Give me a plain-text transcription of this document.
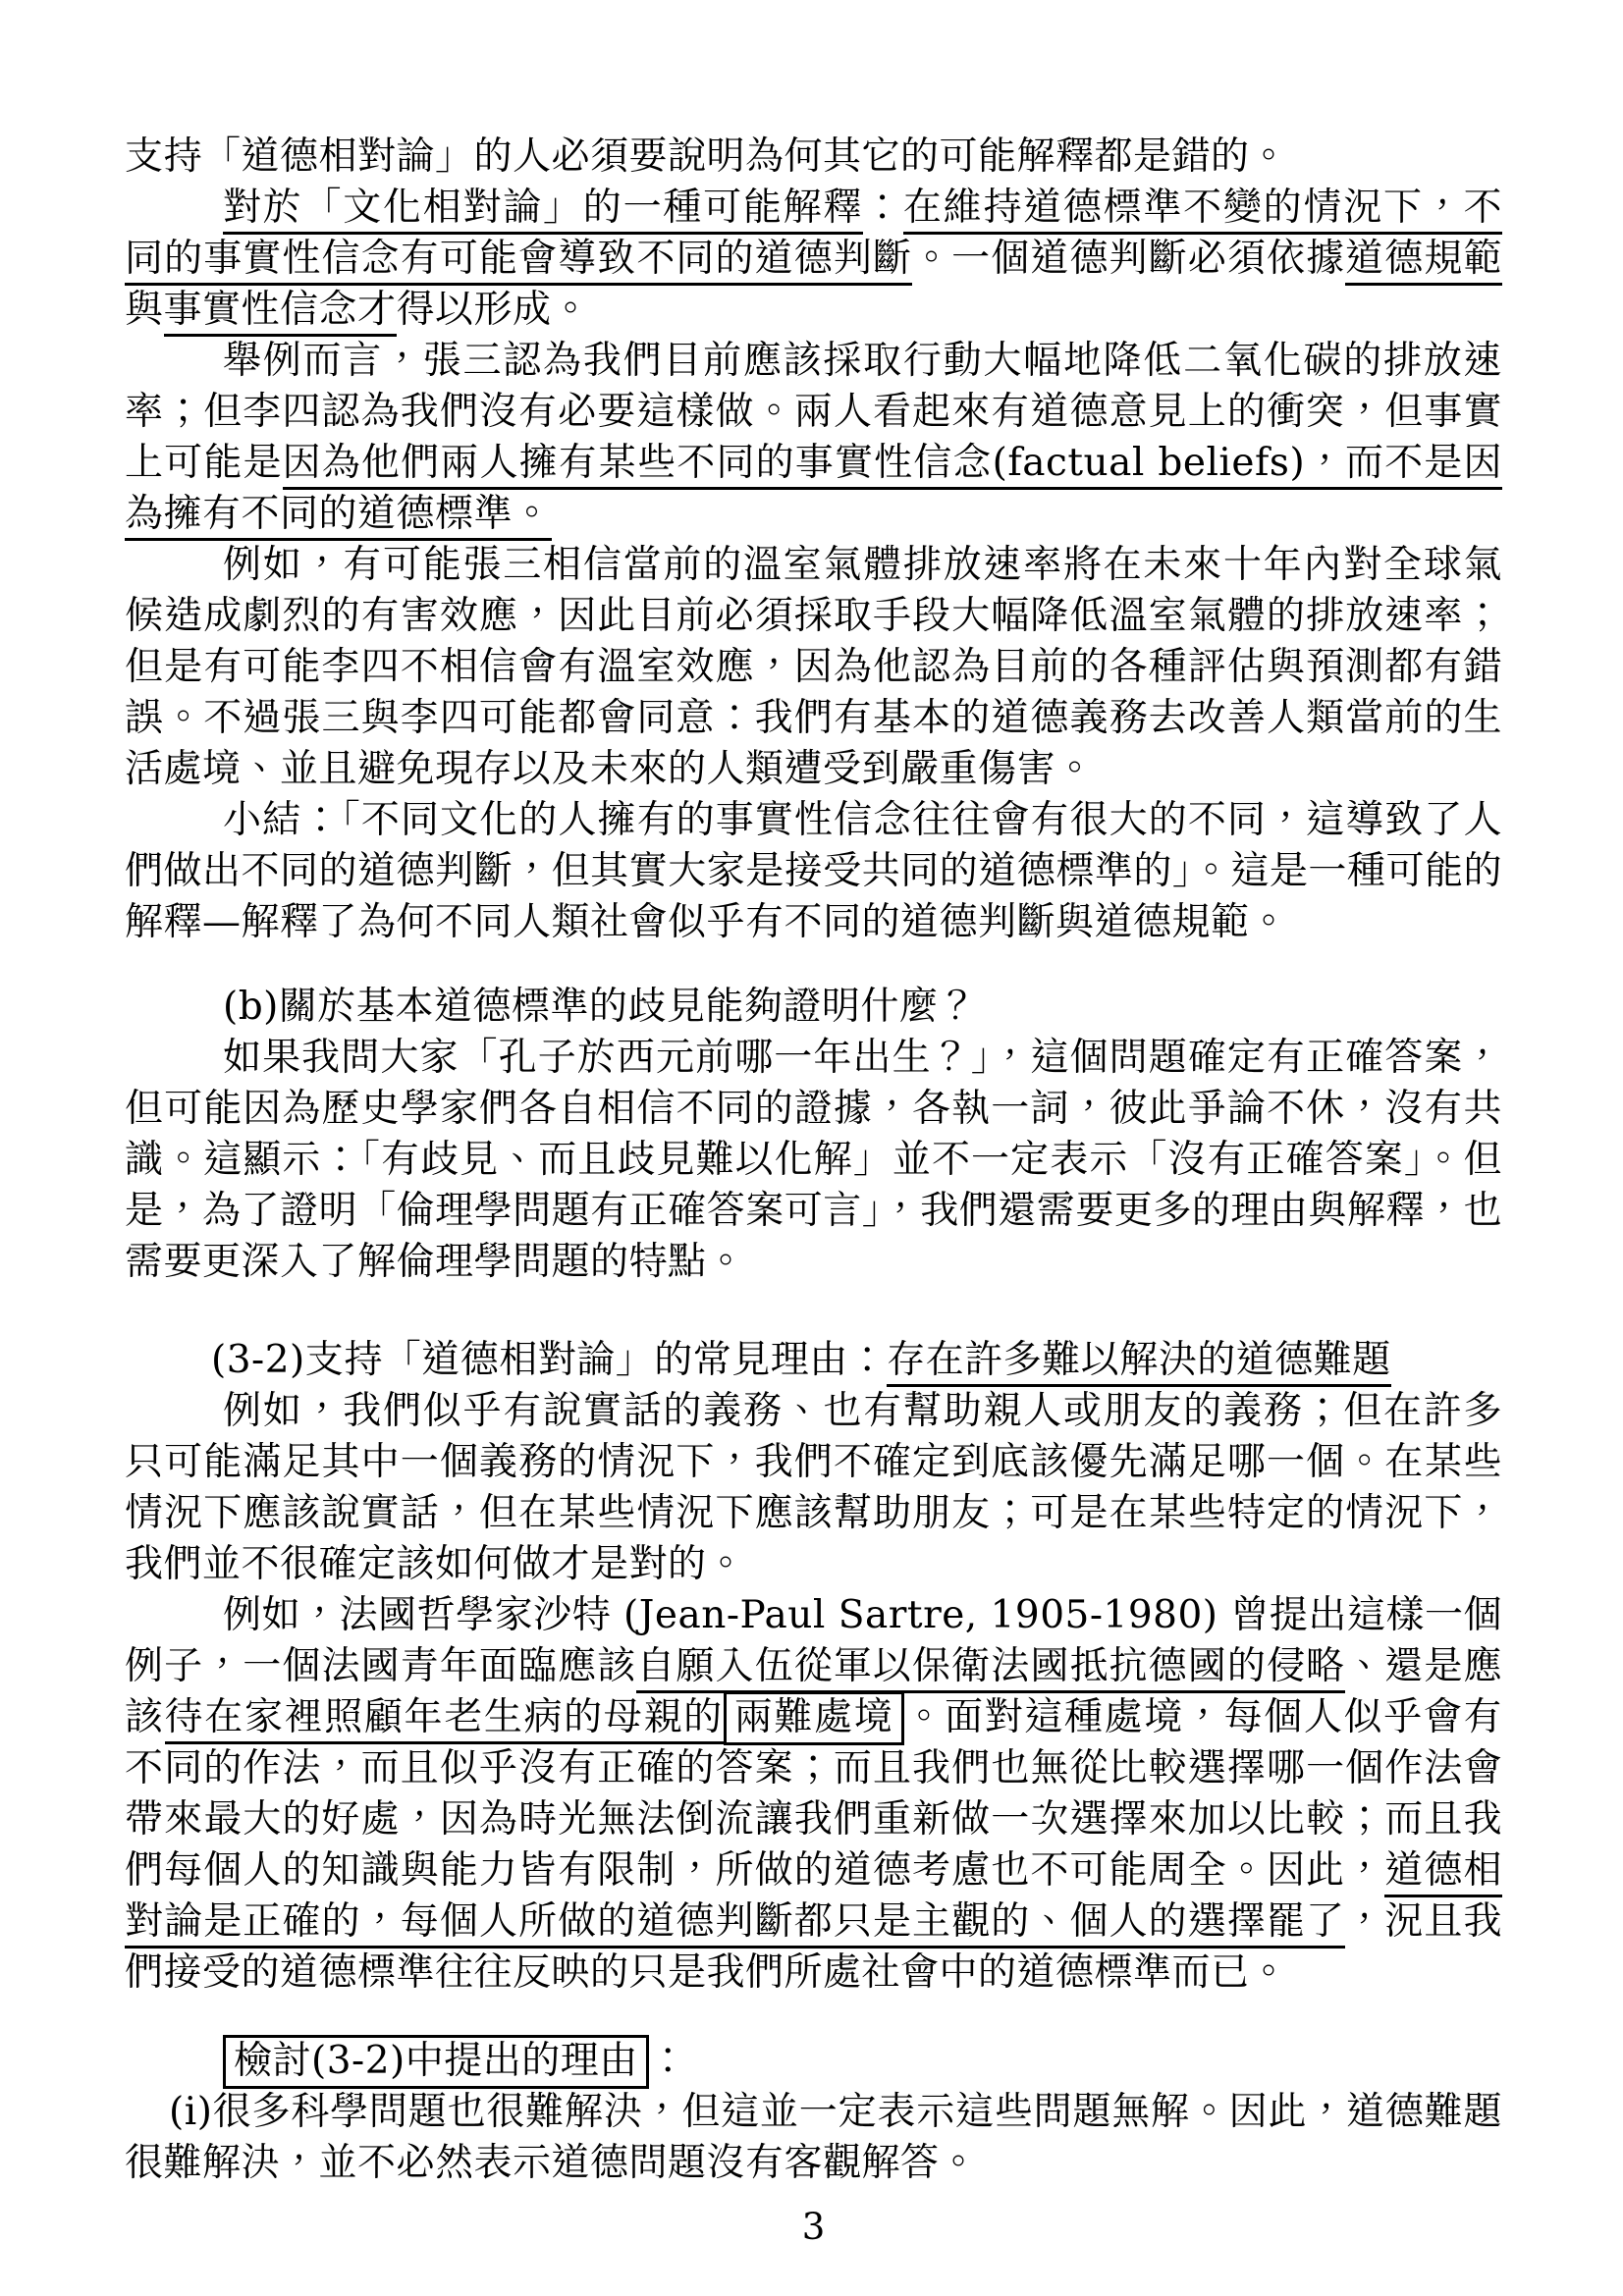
支持「道德相對論」的人必須要說明為何其它的可能解釋都是錯的。

對於「文化相對論」的一種可能解釋：在維持道德標準不變的情況下，不同的事實性信念有可能會導致不同的道德判斷。一個道德判斷必須依據道德規範與事實性信念才得以形成。

舉例而言，張三認為我們目前應該採取行動大幅地降低二氧化碳的排放速率；但李四認為我們沒有必要這樣做。兩人看起來有道德意見上的衝突，但事實上可能是因為他們兩人擁有某些不同的事實性信念(factual beliefs)，而不是因為擁有不同的道德標準。

例如，有可能張三相信當前的溫室氣體排放速率將在未來十年內對全球氣候造成劇烈的有害效應，因此目前必須採取手段大幅降低溫室氣體的排放速率；但是有可能李四不相信會有溫室效應，因為他認為目前的各種評估與預測都有錯誤。不過張三與李四可能都會同意：我們有基本的道德義務去改善人類當前的生活處境、並且避免現存以及未來的人類遭受到嚴重傷害。

小結：「不同文化的人擁有的事實性信念往往會有很大的不同，這導致了人們做出不同的道德判斷，但其實大家是接受共同的道德標準的」。這是一種可能的解釋—解釋了為何不同人類社會似乎有不同的道德判斷與道德規範。

(b)關於基本道德標準的歧見能夠證明什麼？

如果我問大家「孔子於西元前哪一年出生？」，這個問題確定有正確答案，但可能因為歷史學家們各自相信不同的證據，各執一詞，彼此爭論不休，沒有共識。這顯示：「有歧見、而且歧見難以化解」並不一定表示「沒有正確答案」。但是，為了證明「倫理學問題有正確答案可言」，我們還需要更多的理由與解釋，也需要更深入了解倫理學問題的特點。

(3-2)支持「道德相對論」的常見理由：存在許多難以解決的道德難題

例如，我們似乎有說實話的義務、也有幫助親人或朋友的義務；但在許多只可能滿足其中一個義務的情況下，我們不確定到底該優先滿足哪一個。在某些情況下應該說實話，但在某些情況下應該幫助朋友；可是在某些特定的情況下，我們並不很確定該如何做才是對的。

例如，法國哲學家沙特 (Jean-Paul Sartre, 1905-1980) 曾提出這樣一個例子，一個法國青年面臨應該自願入伍從軍以保衛法國抵抗德國的侵略、還是應該待在家裡照顧年老生病的母親的 兩難處境 。面對這種處境，每個人似乎會有不同的作法，而且似乎沒有正確的答案；而且我們也無從比較選擇哪一個作法會帶來最大的好處，因為時光無法倒流讓我們重新做一次選擇來加以比較；而且我們每個人的知識與能力皆有限制，所做的道德考慮也不可能周全。因此，道德相對論是正確的，每個人所做的道德判斷都只是主觀的、個人的選擇罷了，況且我們接受的道德標準往往反映的只是我們所處社會中的道德標準而已。

檢討(3-2)中提出的理由 ：

(i)很多科學問題也很難解決，但這並一定表示這些問題無解。因此，道德難題很難解決，並不必然表示道德問題沒有客觀解答。

3
